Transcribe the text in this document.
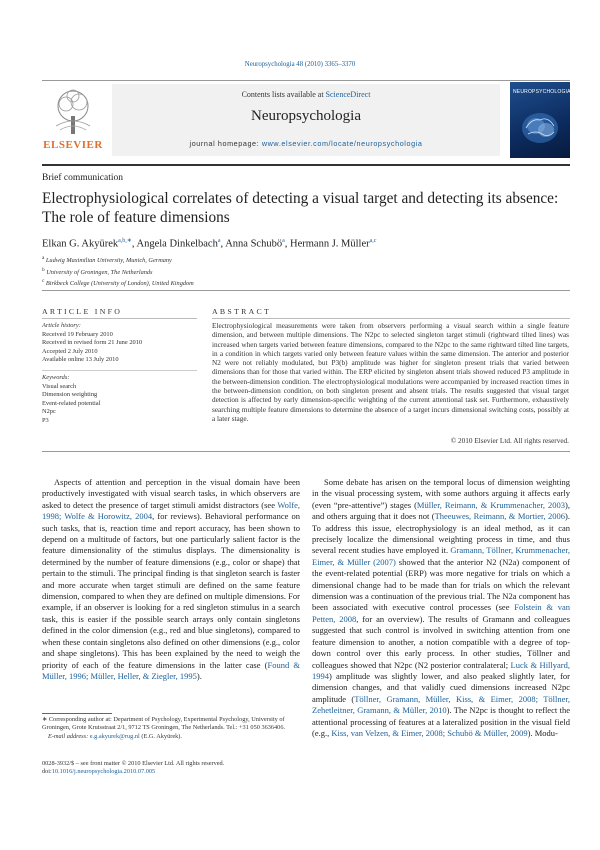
Neuropsychologia 48 (2010) 3365–3370
ELSEVIER
Contents lists available at ScienceDirect
Neuropsychologia
journal homepage: www.elsevier.com/locate/neuropsychologia
NEUROPSYCHOLOGIA
Brief communication
Electrophysiological correlates of detecting a visual target and detecting its absence: The role of feature dimensions
Elkan G. Akyürek$^{a,b,∗}$, Angela Dinkelbach$^a$, Anna Schubö$^a$, Hermann J. Müller$^{a,c}$
$^a$ Ludwig Maximilian University, Munich, Germany
$^b$ University of Groningen, The Netherlands
$^c$ Birkbeck College (University of London), United Kingdom
ARTICLE INFO	ABSTRACT
Article history:
Received 19 February 2010
Received in revised form 21 June 2010
Accepted 2 July 2010
Available online 13 July 2010
Keywords:
Visual search
Dimension weighting
Event-related potential
N2pc
P3
Electrophysiological measurements were taken from observers performing a visual search within a single feature dimension, and between multiple dimensions. The N2pc to selected singleton target stimuli (rightward tilted lines) was increased when targets varied between feature dimensions, compared to the N2pc to the same rightward tilted line targets, in a condition in which targets varied only between feature values within the same dimension. The anterior and posterior N2 were not reliably modulated, but P3(b) amplitude was higher for singleton present trials that varied between dimensions than for those that varied within. The ERP elicited by singleton absent trials showed reduced P3 amplitude in the between-dimension condition. The electrophysiological modulations were accompanied by increased reaction times in the between-dimension condition, on both singleton present and absent trials. The results suggested that visual target detection is affected by early dimension-specific weighting of the current attentional task set. Furthermore, exhaustively searching multiple feature dimensions to determine the absence of a target incurs dimensional switching costs, possibly at a later stage.
© 2010 Elsevier Ltd. All rights reserved.

Aspects of attention and perception in the visual domain have been productively investigated with visual search tasks, in which observers are asked to detect the presence of target stimuli amidst distractors (see Wolfe, 1998; Wolfe & Horowitz, 2004, for reviews). Behavioral performance on such tasks, that is, reaction time and report accuracy, has been shown to depend on a multitude of factors, but one particularly salient factor is the feature dimensionality of the stimulus displays. The dimensionality is determined by the number of feature dimensions (e.g., color or shape) that pertain to the stimuli. The principal finding is that singleton search is faster and more accurate when target stimuli are defined on the same feature dimension, compared to when they are defined on multiple dimensions. For example, if an observer is looking for a red singleton stimulus in a search task, this is easier if the possible search arrays only contain singletons defined in the color dimension (e.g., red and blue singletons), compared to when these contain singletons also defined on other dimensions (e.g., color and shape singletons). This has been explained by the need to weigh the priority of each of the feature dimensions in the latter case (Found & Müller, 1996; Müller, Heller, & Ziegler, 1995).

Some debate has arisen on the temporal locus of dimension weighting in the visual processing system, with some authors arguing it affects early (even “pre-attentive”) stages (Müller, Reimann, & Krummenacher, 2003), and others arguing that it does not (Theeuwes, Reimann, & Mortier, 2006). To address this issue, electrophysiology is an ideal method, as it can precisely localize the dimensional weighting process in time, and thus several recent studies have employed it. Gramann, Töllner, Krummenacher, Eimer, & Müller (2007) showed that the anterior N2 (N2a) component of the event-related potential (ERP) was more negative for trials on which a dimensional change had to be made than for trials on which the relevant dimension was a continuation of the previous trial. The N2a component has been associated with executive control processes (see Folstein & van Petten, 2008, for an overview). The results of Gramann and colleagues suggested that such control is involved in switching attention from one feature dimension to another, a notion compatible with a degree of top-down control over this early process. In other studies, Töllner and colleagues showed that N2pc (N2 posterior contralateral; Luck & Hillyard, 1994) amplitude was slightly lower, and also peaked slightly later, for dimension changes, and that validly cued dimensions increased N2pc amplitude (Töllner, Gramann, Müller, Kiss, & Eimer, 2008; Töllner, Zehetleitner, Gramann, & Müller, 2010). The N2pc is thought to reflect the attentional processing of features at a lateralized position in the visual field (e.g., Kiss, van Velzen, & Eimer, 2008; Schubö & Müller, 2009). Modu-

∗ Corresponding author at: Department of Psychology, Experimental Psychology, University of Groningen, Grote Kruisstraat 2/1, 9712 TS Groningen, The Netherlands. Tel.: +31 050 3636406.
E-mail address: e.g.akyurek@rug.nl (E.G. Akyürek).
0028-3932/$ – see front matter © 2010 Elsevier Ltd. All rights reserved.
doi:10.1016/j.neuropsychologia.2010.07.005
